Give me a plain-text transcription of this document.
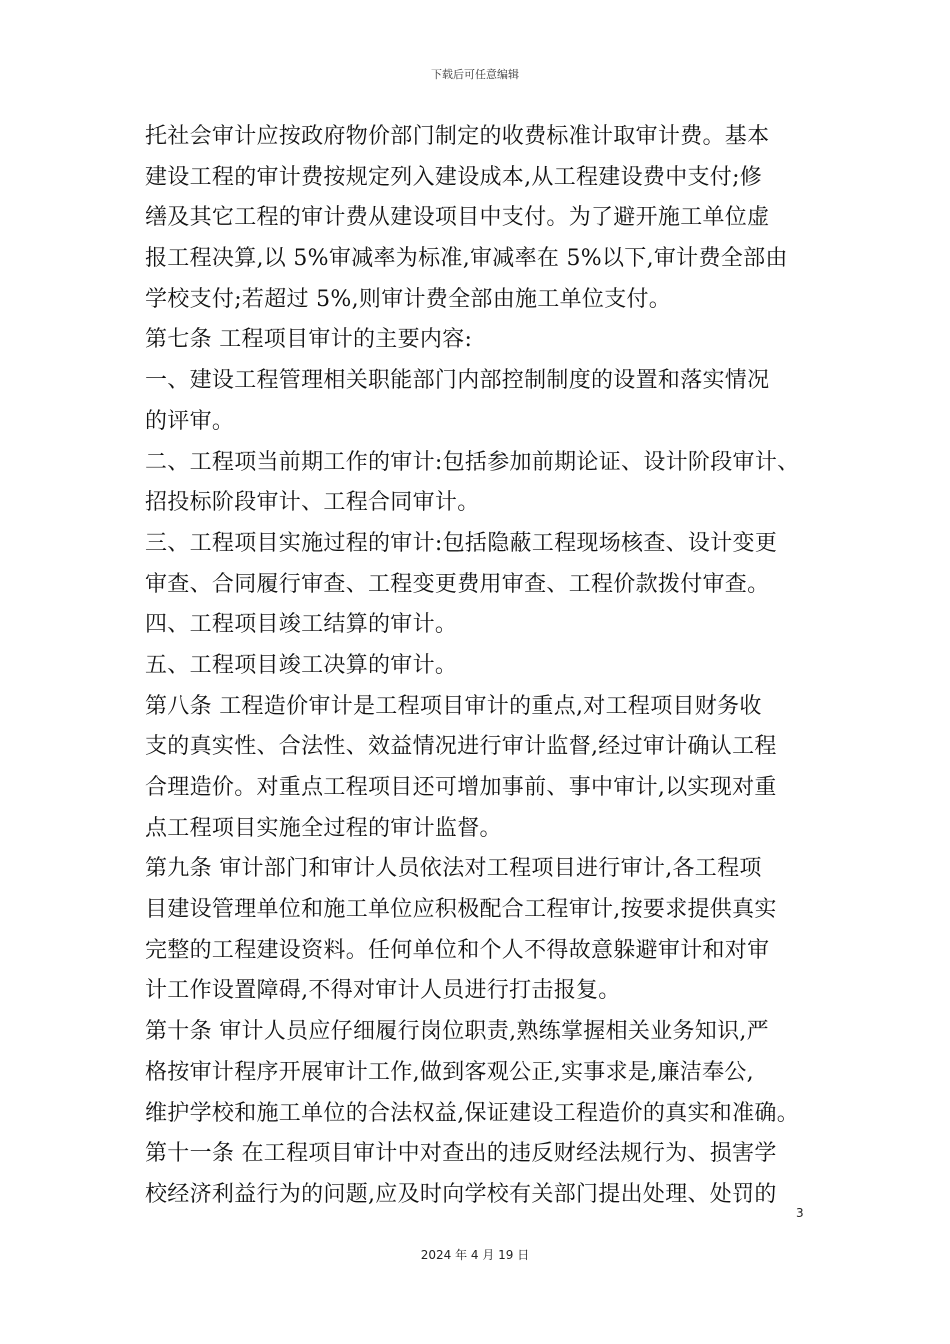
下载后可任意编辑
托社会审计应按政府物价部门制定的收费标准计取审计费。基本
建设工程的审计费按规定列入建设成本,从工程建设费中支付;修
缮及其它工程的审计费从建设项目中支付。为了避开施工单位虚
报工程决算,以 5%审减率为标准,审减率在 5%以下,审计费全部由
学校支付;若超过 5%,则审计费全部由施工单位支付。
第七条 工程项目审计的主要内容:
一、建设工程管理相关职能部门内部控制制度的设置和落实情况
的评审。
二、工程项当前期工作的审计:包括参加前期论证、设计阶段审计、
招投标阶段审计、工程合同审计。
三、工程项目实施过程的审计:包括隐蔽工程现场核查、设计变更
审查、合同履行审查、工程变更费用审查、工程价款拨付审查。
四、工程项目竣工结算的审计。
五、工程项目竣工决算的审计。
第八条 工程造价审计是工程项目审计的重点,对工程项目财务收
支的真实性、合法性、效益情况进行审计监督,经过审计确认工程
合理造价。对重点工程项目还可增加事前、事中审计,以实现对重
点工程项目实施全过程的审计监督。
第九条 审计部门和审计人员依法对工程项目进行审计,各工程项
目建设管理单位和施工单位应积极配合工程审计,按要求提供真实
完整的工程建设资料。任何单位和个人不得故意躲避审计和对审
计工作设置障碍,不得对审计人员进行打击报复。
第十条 审计人员应仔细履行岗位职责,熟练掌握相关业务知识,严
格按审计程序开展审计工作,做到客观公正,实事求是,廉洁奉公,
维护学校和施工单位的合法权益,保证建设工程造价的真实和准确。
第十一条 在工程项目审计中对查出的违反财经法规行为、损害学
校经济利益行为的问题,应及时向学校有关部门提出处理、处罚的
3
2024 年 4 月 19 日
